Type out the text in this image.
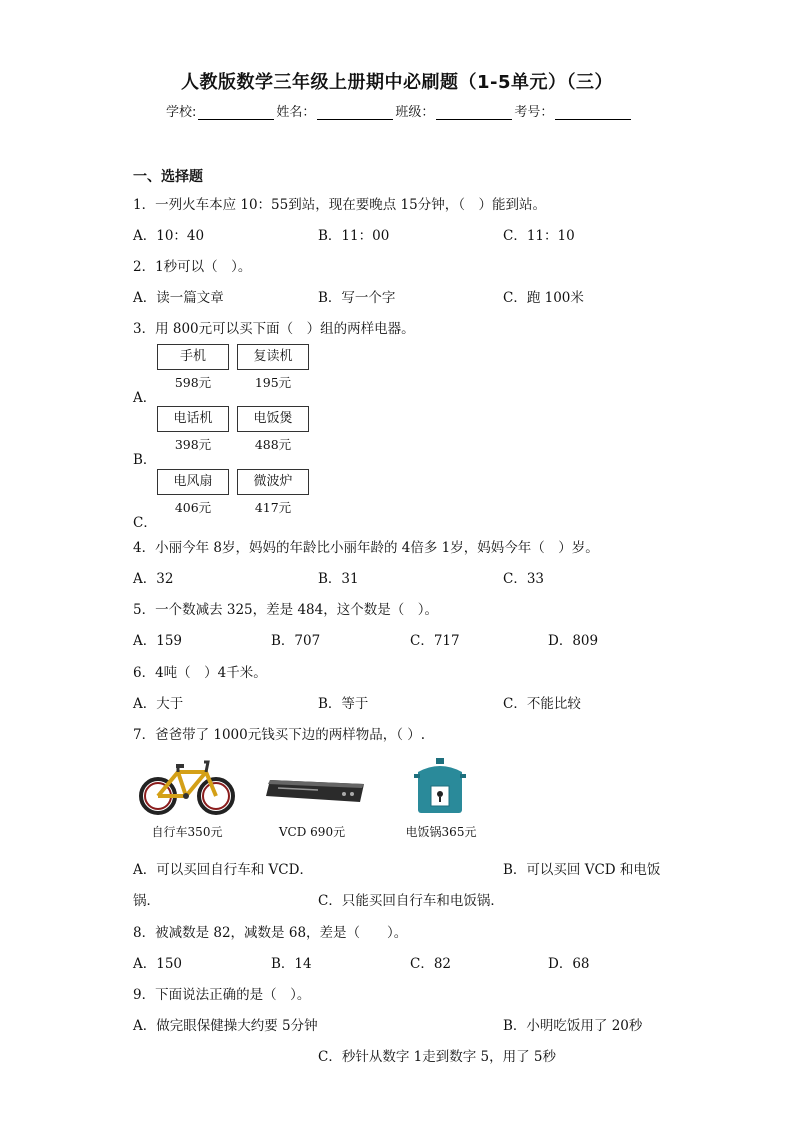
人教版数学三年级上册期中必刷题（1-5单元）（三）
学校:	姓名：	班级：	考号：
一、选择题
1．一列火车本应 10：55到站，现在要晚点 15分钟，（　）能到站。
A．10：40	B．11：00	C．11：10
2．1秒可以（　）。
A．读一篇文章	B．写一个字	C．跑 100米
3．用 800元可以买下面（　）组的两样电器。
手机	复读机
598元	195元
A．
电话机	电饭煲
398元	488元
B．
电风扇	微波炉
406元	417元
C．
4．小丽今年 8岁，妈妈的年龄比小丽年龄的 4倍多 1岁，妈妈今年（　）岁。
A．32	B．31	C．33
5．一个数减去 325，差是 484，这个数是（　）。
A．159	B．707	C．717	D．809
6．4吨（　）4千米。
A．大于	B．等于	C．不能比较
7．爸爸带了 1000元钱买下边的两样物品，（ ）.
自行车350元	VCD 690元	电饭锅365元
A．可以买回自行车和 VCD．	B．可以买回 VCD 和电饭
锅．	C．只能买回自行车和电饭锅．
8．被减数是 82，减数是 68，差是（　　）。
A．150	B．14	C．82	D．68
9．下面说法正确的是（　）。
A．做完眼保健操大约要 5分钟	B．小明吃饭用了 20秒
C．秒针从数字 1走到数字 5，用了 5秒
